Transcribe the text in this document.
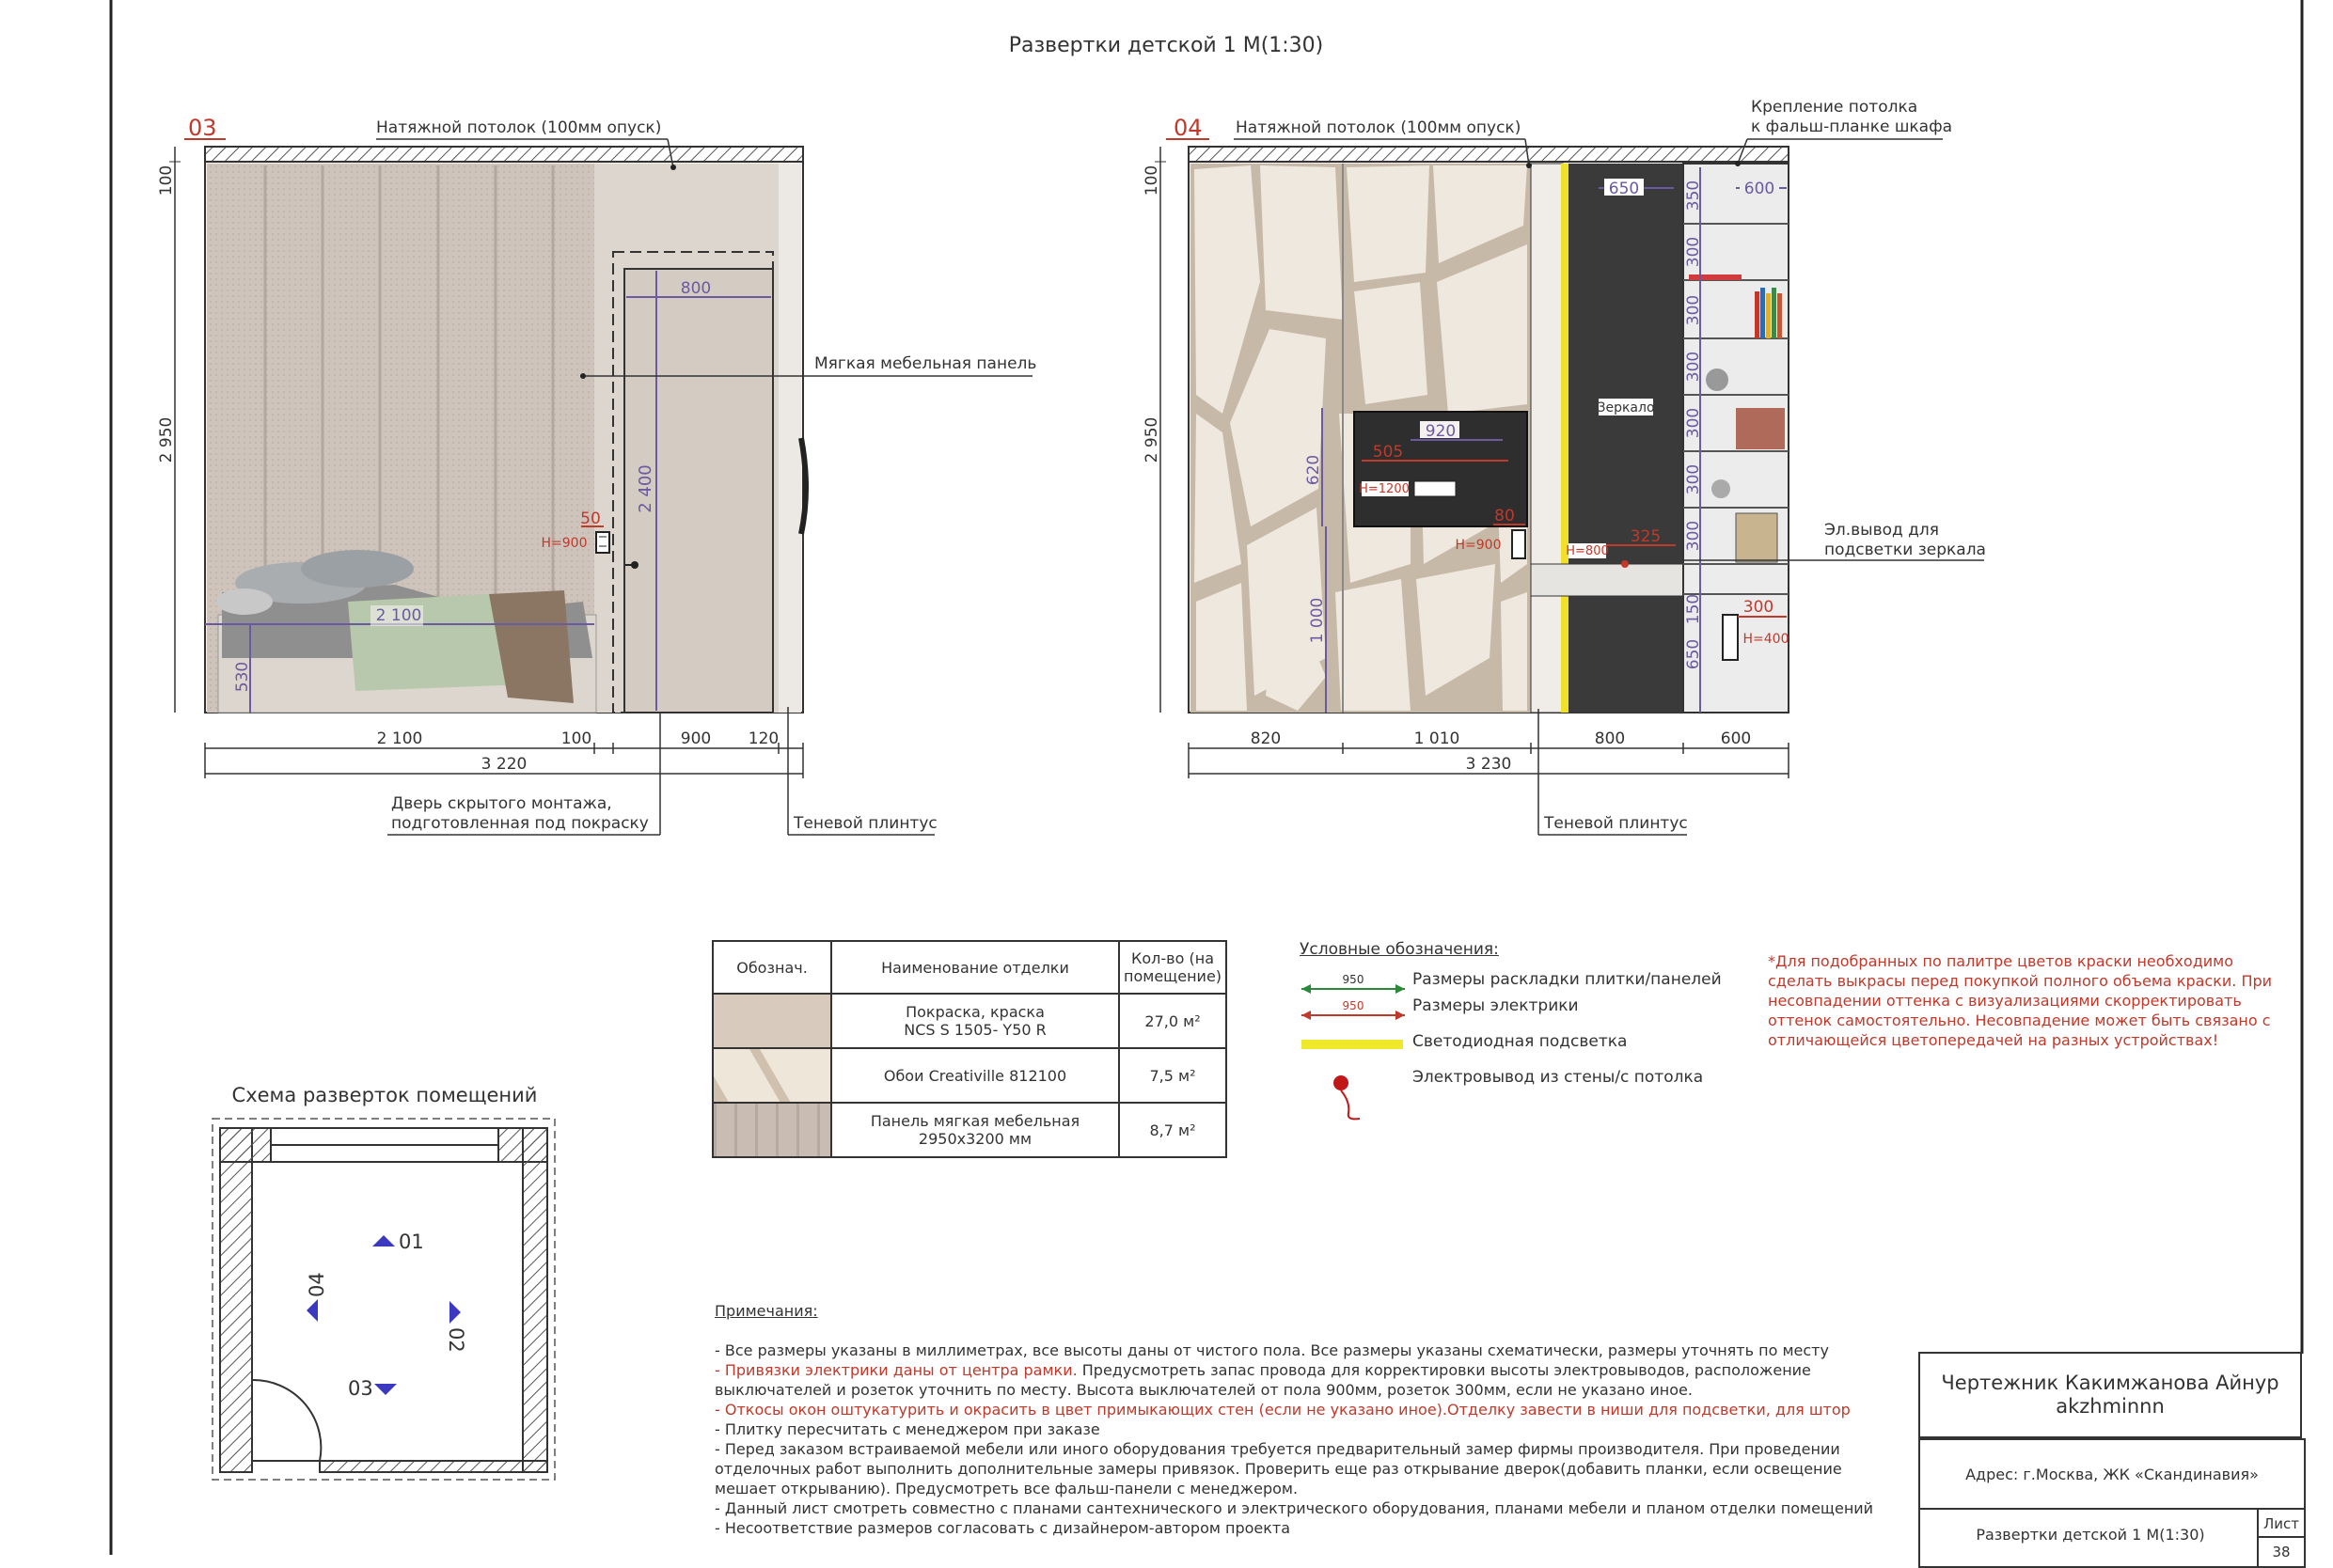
Развертки детской 1 М(1:30)
03
2 100
530
50
H=900
800
2 400
100
2 950
Натяжной потолок (100мм опуск)
Мягкая мебельная панель
2 100	100	900 120
3 220
Дверь скрытого монтажа,
подготовленная под покраску	Теневой плинтус
04
505
920
H=1200
620
1 000
80
H=900
Зеркало
650
325
H=800
600
350
300
300
300
300
300
300
150
650
300
H=400
100
2 950
Натяжной потолок (100мм опуск)
Крепление потолка
к фальш-планке шкафа
Эл.вывод для
подсветки зеркала
820	1 010	800	600
3 230
Теневой плинтус
Схема разверток помещений
01
02
03
04
950
950
Обознач.	Наименование отделки	Кол-во (на помещение)
	Покраска, краска
NCS S 1505- Y50 R	27,0 м²
	Обои Creativille 812100	7,5 м²
	Панель мягкая мебельная
2950х3200 мм	8,7 м²
Условные обозначения:
Размеры раскладки плитки/панелей
Размеры электрики
Светодиодная подсветка
Электровывод из стены/с потолка
*Для подобранных по палитре цветов краски необходимо сделать выкрасы перед покупкой полного объема краски. При несовпадении оттенка с визуализациями скорректировать оттенок самостоятельно. Несовпадение может быть связано с отличающейся цветопередачей на разных устройствах!
Примечания:
- Все размеры указаны в миллиметрах, все высоты даны от чистого пола. Все размеры указаны схематически, размеры уточнять по месту
- Привязки электрики даны от центра рамки. Предусмотреть запас провода для корректировки высоты электровыводов, расположение выключателей и розеток уточнить по месту. Высота выключателей от пола 900мм, розеток 300мм, если не указано иное.
- Откосы окон оштукатурить и окрасить в цвет примыкающих стен (если не указано иное).Отделку завести в ниши для подсветки, для штор
- Плитку пересчитать с менеджером при заказе
- Перед заказом встраиваемой мебели или иного оборудования требуется предварительный замер фирмы производителя. При проведении отделочных работ выполнить дополнительные замеры привязок. Проверить еще раз открывание дверок(добавить планки, если освещение мешает открыванию). Предусмотреть все фальш-панели с менеджером.
- Данный лист смотреть совместно с планами сантехнического и электрического оборудования, планами мебели и планом отделки помещений
- Несоответствие размеров согласовать с дизайнером-автором проекта
Чертежник Какимжанова Айнур akzhminnn
Адрес: г.Москва, ЖК «Скандинавия»
Развертки детской 1 М(1:30)
Лист
38
